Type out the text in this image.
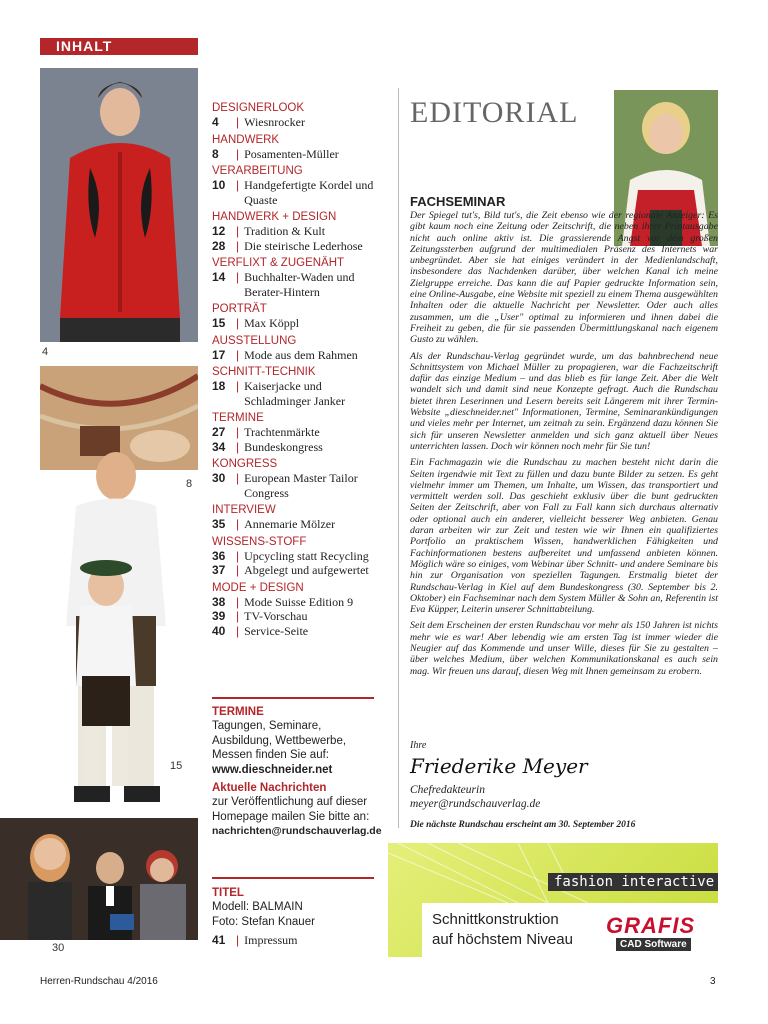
INHALT
4
8
15
30
DESIGNERLOOK
4	| Wiesnrocker
HANDWERK
8	| Posamenten-Müller
VERARBEITUNG
10 | Handgefertigte Kordel und Quaste
HANDWERK + DESIGN
12 | Tradition & Kult
28 | Die steirische Lederhose
VERFLIXT & ZUGENÄHT
14 | Buchhalter-Waden und Berater-Hintern
PORTRÄT
15 | Max Köppl
AUSSTELLUNG
17 | Mode aus dem Rahmen
SCHNITT-TECHNIK
18 | Kaiserjacke und Schladminger Janker
TERMINE
27 | Trachtenmärkte
34 | Bundeskongress
KONGRESS
30 | European Master Tailor Congress
INTERVIEW
35 | Annemarie Mölzer
WISSENS-STOFF
36 | Upcycling statt Recycling
37 | Abgelegt und aufgewertet
MODE + DESIGN
38 | Mode Suisse Edition 9
39 | TV-Vorschau
40 | Service-Seite
TERMINE
Tagungen, Seminare, Ausbildung, Wettbewerbe, Messen finden Sie auf:
www.dieschneider.net
Aktuelle Nachrichten
zur Veröffentlichung auf dieser Homepage mailen Sie bitte an:
nachrichten@rundschauverlag.de
TITEL
Modell: BALMAIN
Foto: Stefan Knauer
41 | Impressum
EDITORIAL
FACHSEMINAR

Der Spiegel tut's, Bild tut's, die Zeit ebenso wie der regionale Anzeiger: Es gibt kaum noch eine Zeitung oder Zeitschrift, die neben ihrer Printausgabe nicht auch online aktiv ist. Die grassierende Angst vor dem großen Zeitungssterben aufgrund der multimedialen Präsenz des Internets war unbegründet. Aber sie hat einiges verändert in der Medienlandschaft, insbesondere das Nachdenken darüber, über welchen Kanal ich meine Zielgruppe erreiche. Das kann die auf Papier gedruckte Information sein, eine Online-Ausgabe, eine Website mit speziell zu einem Thema ausgewählten Inhalten oder die aktuelle Nachricht per Newsletter. Oder auch alles zusammen, um die „User" optimal zu informieren und ihnen dabei die Freiheit zu geben, die für sie passenden Übermittlungskanal nach eigenem Gusto zu wählen.

Als der Rundschau-Verlag gegründet wurde, um das bahnbrechend neue Schnittsystem von Michael Müller zu propagieren, war die Fachzeitschrift dafür das einzige Medium – und das blieb es für lange Zeit. Aber die Welt wandelt sich und damit sind neue Konzepte gefragt. Auch die Rundschau bietet ihren Leserinnen und Lesern bereits seit Längerem mit ihrer Termin-Website „dieschneider.net" Informationen, Termine, Seminarankündigungen und vieles mehr per Internet, um zeitnah zu sein. Ergänzend dazu können Sie sich für unseren Newsletter anmelden und sich ganz aktuell über Neues unterrichten lassen. Doch wir können noch mehr für Sie tun!

Ein Fachmagazin wie die Rundschau zu machen besteht nicht darin die Seiten irgendwie mit Text zu füllen und dazu bunte Bilder zu setzen. Es geht vielmehr immer um Themen, um Inhalte, um Wissen, das transportiert und vermittelt werden soll. Das geschieht exklusiv über die bunt gedruckten Seiten der Zeitschrift, aber von Fall zu Fall kann sich durchaus alternativ oder optional auch ein anderer, vielleicht besserer Weg anbieten. Genau daran arbeiten wir zur Zeit und testen wie wir Ihnen ein qualifiziertes Portfolio an praktischem Wissen, handwerklichen Fähigkeiten und Fachinformationen bestens aufbereitet und umfassend anbieten können. Möglich wäre so einiges, vom Webinar über Schnitt- und andere Seminare bis hin zur Organisation von speziellen Tagungen. Erstmalig bietet der Rundschau-Verlag in Kiel auf dem Bundeskongress (30. September bis 2. Oktober) ein Fachseminar nach dem System Müller & Sohn an, Referentin ist Eva Küpper, Leiterin unserer Schnittabteilung.

Seit dem Erscheinen der ersten Rundschau vor mehr als 150 Jahren ist nichts mehr wie es war! Aber lebendig wie am ersten Tag ist immer wieder die Neugier auf das Kommende und unser Wille, dieses für Sie zu gestalten – über welches Medium, über welchen Kommunikationskanal es auch sein mag. Wir freuen uns darauf, diesen Weg mit Ihnen gemeinsam zu erobern.

Ihre
Friederike Meyer
Chefredakteurin
meyer@rundschauverlag.de
Die nächste Rundschau erscheint am 30. September 2016
fashion interactive
Schnittkonstruktion
auf höchstem Niveau
GRAFIS
CAD Software
Herren-Rundschau 4/2016	3
